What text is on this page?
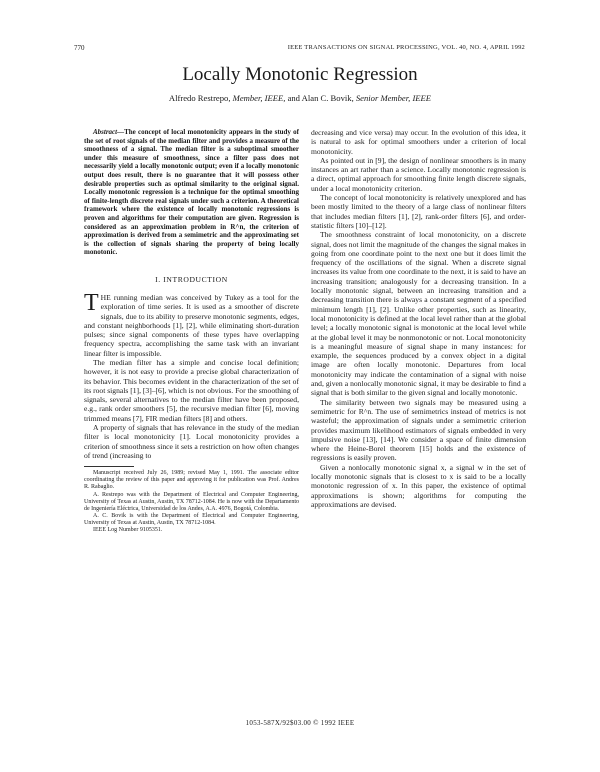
770	IEEE TRANSACTIONS ON SIGNAL PROCESSING, VOL. 40, NO. 4, APRIL 1992
Locally Monotonic Regression
Alfredo Restrepo, Member, IEEE, and Alan C. Bovik, Senior Member, IEEE

Abstract—The concept of local monotonicity appears in the study of the set of root signals of the median filter and provides a measure of the smoothness of a signal. The median filter is a suboptimal smoother under this measure of smoothness, since a filter pass does not necessarily yield a locally monotonic output; even if a locally monotonic output does result, there is no guarantee that it will possess other desirable properties such as optimal similarity to the original signal. Locally monotonic regression is a technique for the optimal smoothing of finite-length discrete real signals under such a criterion. A theoretical framework where the existence of locally monotonic regressions is proven and algorithms for their computation are given. Regression is considered as an approximation problem in R^n, the criterion of approximation is derived from a semimetric and the approximating set is the collection of signals sharing the property of being locally monotonic.

I. INTRODUCTION

THE running median was conceived by Tukey as a tool for the exploration of time series. It is used as a smoother of discrete signals, due to its ability to preserve monotonic segments, edges, and constant neighborhoods [1], [2], while eliminating short-duration pulses; since signal components of these types have overlapping frequency spectra, accomplishing the same task with an invariant linear filter is impossible.

The median filter has a simple and concise local definition; however, it is not easy to provide a precise global characterization of its behavior. This becomes evident in the characterization of the set of its root signals [1], [3]–[6], which is not obvious. For the smoothing of signals, several alternatives to the median filter have been proposed, e.g., rank order smoothers [5], the recursive median filter [6], moving trimmed means [7], FIR median filters [8] and others.

A property of signals that has relevance in the study of the median filter is local monotonicity [1]. Local monotonicity provides a criterion of smoothness since it sets a restriction on how often changes of trend (increasing to

Manuscript received July 26, 1989; revised May 1, 1991. The associate editor coordinating the review of this paper and approving it for publication was Prof. Andres R. Rabaglio.

A. Restrepo was with the Department of Electrical and Computer Engineering, University of Texas at Austin, Austin, TX 78712-1084. He is now with the Departamento de Ingeniería Eléctrica, Universidad de los Andes, A.A. 4976, Bogotá, Colombia.

A. C. Bovik is with the Department of Electrical and Computer Engineering, University of Texas at Austin, Austin, TX 78712-1084.

IEEE Log Number 9105351.

decreasing and vice versa) may occur. In the evolution of this idea, it is natural to ask for optimal smoothers under a criterion of local monotonicity.

As pointed out in [9], the design of nonlinear smoothers is in many instances an art rather than a science. Locally monotonic regression is a direct, optimal approach for smoothing finite length discrete signals, under a local monotonicity criterion.

The concept of local monotonicity is relatively unexplored and has been mostly limited to the theory of a large class of nonlinear filters that includes median filters [1], [2], rank-order filters [6], and order-statistic filters [10]–[12].

The smoothness constraint of local monotonicity, on a discrete signal, does not limit the magnitude of the changes the signal makes in going from one coordinate point to the next one but it does limit the frequency of the oscillations of the signal. When a discrete signal increases its value from one coordinate to the next, it is said to have an increasing transition; analogously for a decreasing transition. In a locally monotonic signal, between an increasing transition and a decreasing transition there is always a constant segment of a specified minimum length [1], [2]. Unlike other properties, such as linearity, local monotonicity is defined at the local level rather than at the global level; a locally monotonic signal is monotonic at the local level while at the global level it may be nonmonotonic or not. Local monotonicity is a meaningful measure of signal shape in many instances: for example, the sequences produced by a convex object in a digital image are often locally monotonic. Departures from local monotonicity may indicate the contamination of a signal with noise and, given a nonlocally monotonic signal, it may be desirable to find a signal that is both similar to the given signal and locally monotonic.

The similarity between two signals may be measured using a semimetric for R^n. The use of semimetrics instead of metrics is not wasteful; the approximation of signals under a semimetric criterion provides maximum likelihood estimators of signals embedded in very impulsive noise [13], [14]. We consider a space of finite dimension where the Heine-Borel theorem [15] holds and the existence of regressions is easily proven.

Given a nonlocally monotonic signal x, a signal w in the set of locally monotonic signals that is closest to x is said to be a locally monotonic regression of x. In this paper, the existence of optimal approximations is shown; algorithms for computing the approximations are devised.

1053-587X/92$03.00 © 1992 IEEE
